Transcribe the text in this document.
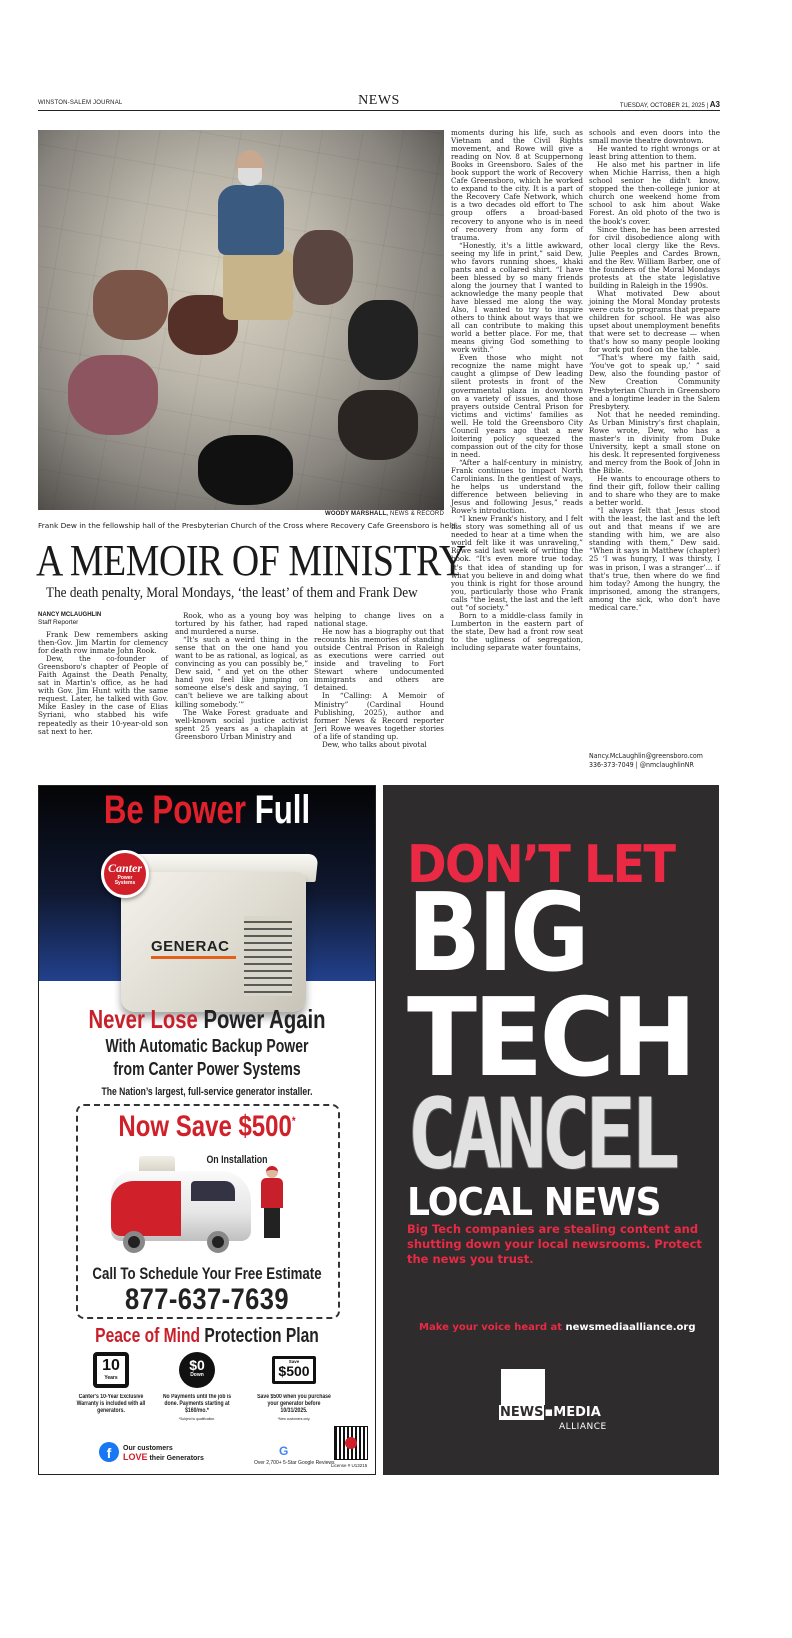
WINSTON-SALEM JOURNAL	NEWS	TUESDAY, OCTOBER 21, 2025 | A3
WOODY MARSHALL, NEWS & RECORD
Frank Dew in the fellowship hall of the Presbyterian Church of the Cross where Recovery Cafe Greensboro is held.
A MEMOIR OF MINISTRY
The death penalty, Moral Mondays, ‘the least’ of them and Frank Dew
NANCY MCLAUGHLIN
Staff Reporter

Frank Dew remembers asking then-Gov. Jim Martin for clemency for death row inmate John Rook.

Dew, the co-founder of Greensboro's chapter of People of Faith Against the Death Penalty, sat in Martin's office, as he had with Gov. Jim Hunt with the same request. Later, he talked with Gov. Mike Easley in the case of Elias Syriani, who stabbed his wife repeatedly as their 10-year-old son sat next to her.

Rook, who as a young boy was tortured by his father, had raped and murdered a nurse.

“It's such a weird thing in the sense that on the one hand you want to be as rational, as logical, as convincing as you can possibly be,” Dew said, “ and yet on the other hand you feel like jumping on someone else's desk and saying, ‘I can't believe we are talking about killing somebody.’”

The Wake Forest graduate and well-known social justice activist spent 25 years as a chaplain at Greensboro Urban Ministry and

helping to change lives on a national stage.

He now has a biography out that recounts his memories of standing outside Central Prison in Raleigh as executions were carried out inside and traveling to Fort Stewart where undocumented immigrants and others are detained.

In “Calling: A Memoir of Ministry” (Cardinal Hound Publishing, 2025), author and former News & Record reporter Jeri Rowe weaves together stories of a life of standing up.

Dew, who talks about pivotal

moments during his life, such as Vietnam and the Civil Rights movement, and Rowe will give a reading on Nov. 8 at Scuppernong Books in Greensboro. Sales of the book support the work of Recovery Cafe Greensboro, which he worked to expand to the city. It is a part of the Recovery Cafe Network, which is a two decades old effort to The group offers a broad-based recovery to anyone who is in need of recovery from any form of trauma.

“Honestly, it's a little awkward, seeing my life in print,” said Dew, who favors running shoes, khaki pants and a collared shirt. “I have been blessed by so many friends along the journey that I wanted to acknowledge the many people that have blessed me along the way. Also, I wanted to try to inspire others to think about ways that we all can contribute to making this world a better place. For me, that means giving God something to work with.”

Even those who might not recognize the name might have caught a glimpse of Dew leading silent protests in front of the governmental plaza in downtown on a variety of issues, and those prayers outside Central Prison for victims and victims' families as well. He told the Greensboro City Council years ago that a new loitering policy squeezed the compassion out of the city for those in need.

“After a half-century in ministry, Frank continues to impact North Carolinians. In the gentlest of ways, he helps us understand the difference between believing in Jesus and following Jesus,” reads Rowe's introduction.

“I knew Frank's history, and I felt his story was something all of us needed to hear at a time when the world felt like it was unraveling,” Rowe said last week of writing the book. “It's even more true today. It's that idea of standing up for what you believe in and doing what you think is right for those around you, particularly those who Frank calls “the least, the last and the left out “of society.”

Born to a middle-class family in Lumberton in the eastern part of the state, Dew had a front row seat to the ugliness of segregation, including separate water fountains,

schools and even doors into the small movie theatre downtown.

He wanted to right wrongs or at least bring attention to them.

He also met his partner in life when Michie Harriss, then a high school senior he didn't know, stopped the then-college junior at church one weekend home from school to ask him about Wake Forest. An old photo of the two is the book's cover.

Since then, he has been arrested for civil disobedience along with other local clergy like the Revs. Julie Peeples and Cardes Brown, and the Rev. William Barber, one of the founders of the Moral Mondays protests at the state legislative building in Raleigh in the 1990s.

What motivated Dew about joining the Moral Monday protests were cuts to programs that prepare children for school. He was also upset about unemployment benefits that were set to decrease — when that's how so many people looking for work put food on the table.

“That's where my faith said, ‘You've got to speak up,’ ” said Dew, also the founding pastor of New Creation Community Presbyterian Church in Greensboro and a longtime leader in the Salem Presbytery.

Not that he needed reminding. As Urban Ministry's first chaplain, Rowe wrote, Dew, who has a master's in divinity from Duke University, kept a small stone on his desk. It represented forgiveness and mercy from the Book of John in the Bible.

He wants to encourage others to find their gift, follow their calling and to share who they are to make a better world.

“I always felt that Jesus stood with the least, the last and the left out and that means if we are standing with him, we are also standing with them,” Dew said. “When it says in Matthew (chapter) 25 ‘I was hungry, I was thirsty, I was in prison, I was a stranger’... if that's true, then where do we find him today? Among the hungry, the imprisoned, among the strangers, among the sick, who don't have medical care.”

Nancy.McLaughlin@greensboro.com
336-373-7049 | @nmclaughlinNR
Be Power Full
GENERAC
Canter
Power
Systems
Never Lose Power Again
With Automatic Backup Power
from Canter Power Systems
The Nation’s largest, full-service generator installer.
Now Save $500*
On Installation
Call To Schedule Your Free Estimate
877-637-7639
Peace of Mind Protection Plan
10
Years
$0
Down
Save
$500
Canter's 10-Year Exclusive Warranty is included with all generators.
No Payments until the job is done. Payments starting at $160/mo.*
*Subject to qualification.
Save $500 when you purchase your generator before 10/31/2025.
*New customers only.
f	Our customers
LOVE their Generators
G
Over 2,700+ 5-Star Google Reviews
License # U13215
DON’T LET
BIG
TECH
CANCEL
LOCAL NEWS
Big Tech companies are stealing content and shutting down your local newsrooms. Protect the news you trust.
Make your voice heard at newsmediaalliance.org
NEWS▪MEDIA
ALLIANCE
